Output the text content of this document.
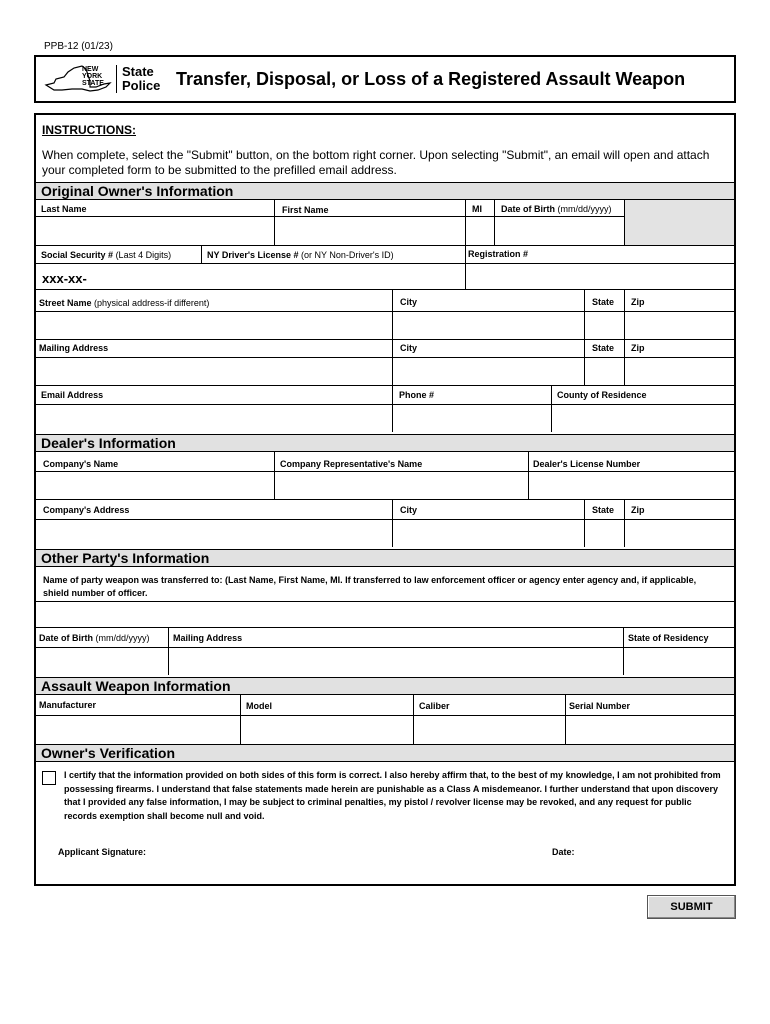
PPB-12 (01/23)
NEW
YORK
STATE
State
Police Transfer, Disposal, or Loss of a Registered Assault Weapon
INSTRUCTIONS:
When complete, select the "Submit" button, on the bottom right corner. Upon selecting "Submit", an email will open and attach your completed form to be submitted to the prefilled email address.
Original Owner's Information
Last Name	First Name	MI Date of Birth (mm/dd/yyyy)
Social Security # (Last 4 Digits)	NY Driver's License # (or NY Non-Driver's ID)	Registration #
xxx-xx-
Street Name (physical address-if different)	City	State Zip
Mailing Address	City	State Zip
Email Address	Phone #	County of Residence
Dealer's Information
Company's Name	Company Representative's Name	Dealer's License Number
Company's Address	City	State Zip
Other Party's Information
Name of party weapon was transferred to: (Last Name, First Name, MI. If transferred to law enforcement officer or agency enter agency and, if applicable, shield number of officer.
Date of Birth (mm/dd/yyyy)	Mailing Address	State of Residency
Assault Weapon Information
Manufacturer	Model	Caliber	Serial Number
Owner's Verification
I certify that the information provided on both sides of this form is correct. I also hereby affirm that, to the best of my knowledge, I am not prohibited from possessing firearms. I understand that false statements made herein are punishable as a Class A misdemeanor. I further understand that upon discovery that I provided any false information, I may be subject to criminal penalties, my pistol / revolver license may be revoked, and any request for public records exemption shall become null and void.
Applicant Signature:	Date:
SUBMIT
